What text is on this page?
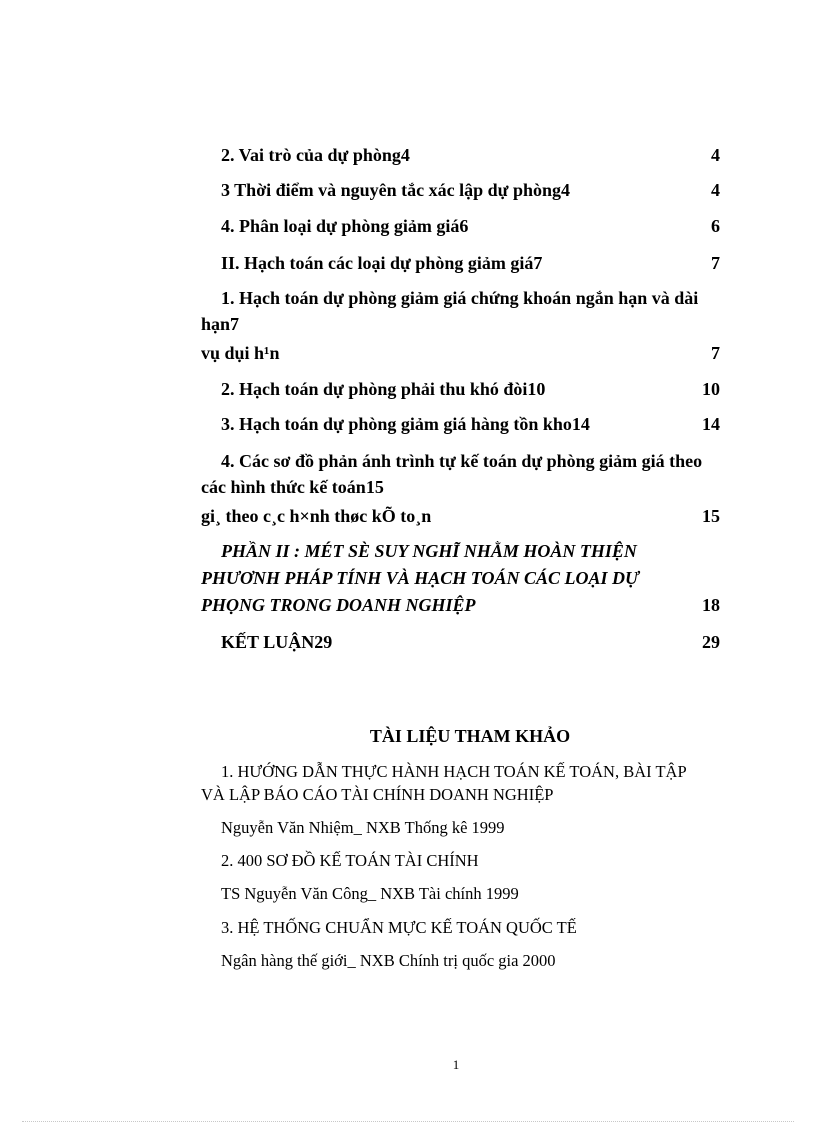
2. Vai trò của dự phòng4	4
3 Thời điểm và nguyên tắc xác lập dự phòng4	4
4. Phân loại dự phòng giảm giá6	6
II. Hạch toán các loại dự phòng giảm giá7	7
1. Hạch toán dự phòng giảm giá chứng khoán ngắn hạn và dài
hạn7
vụ dụi h¹n	7
2. Hạch toán dự phòng phải thu khó đòi10	10
3. Hạch toán dự phòng giảm giá hàng tồn kho14	14
4. Các sơ đồ phản ánh trình tự kế toán dự phòng giảm giá theo
các hình thức kế toán15
gi¸ theo c¸c h×nh thøc kÕ to¸n	15
PHẦN II : MÉT SÈ SUY NGHĨ NHẰM HOÀN THIỆN
PHƯƠNH PHÁP TÍNH VÀ HẠCH TOÁN CÁC LOẠI DỰ
PHỌNG TRONG DOANH NGHIỆP	18
KẾT LUẬN29	29
TÀI LIỆU THAM KHẢO
1. HƯỚNG DẪN THỰC HÀNH HẠCH TOÁN KẾ TOÁN, BÀI TẬP
VÀ LẬP BÁO CÁO TÀI CHÍNH DOANH NGHIỆP
Nguyễn Văn Nhiệm_ NXB Thống kê 1999
2. 400 SƠ ĐỒ KẾ TOÁN TÀI CHÍNH
TS Nguyễn Văn Công_ NXB Tài chính 1999
3. HỆ THỐNG CHUẨN MỰC KẾ TOÁN QUỐC TẾ
Ngân hàng thế giới_ NXB Chính trị quốc gia 2000
1
